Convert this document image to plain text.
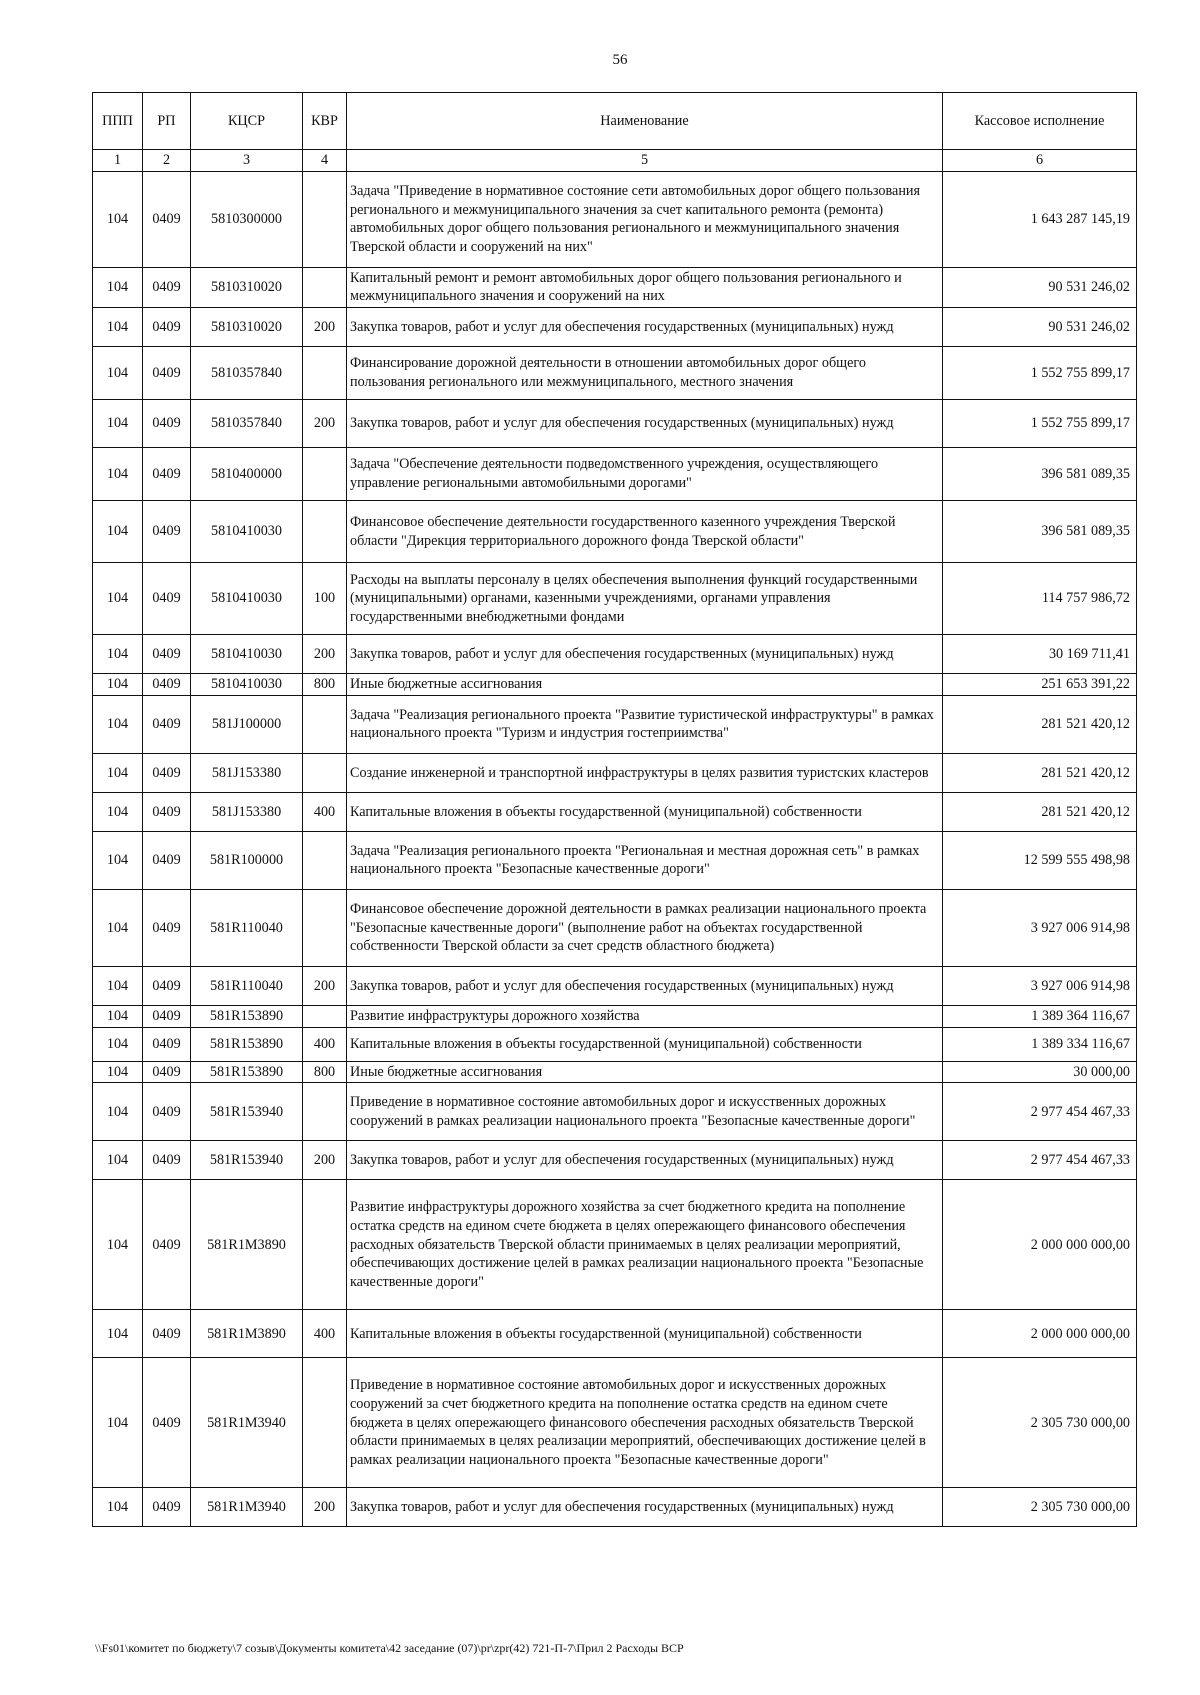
56
ППП	РП	КЦСР	КВР	Наименование	Кассовое исполнение
1	2	3	4	5	6
104	0409	5810300000		Задача "Приведение в нормативное состояние сети автомобильных дорог общего пользования регионального и межмуниципального значения за счет капитального ремонта (ремонта) автомобильных дорог общего пользования регионального и межмуниципального значения Тверской области и сооружений на них"	1 643 287 145,19
104	0409	5810310020		Капитальный ремонт и ремонт автомобильных дорог общего пользования регионального и межмуниципального значения и сооружений на них	90 531 246,02
104	0409	5810310020	200	Закупка товаров, работ и услуг для обеспечения государственных (муниципальных) нужд	90 531 246,02
104	0409	5810357840		Финансирование дорожной деятельности в отношении автомобильных дорог общего пользования регионального или межмуниципального, местного значения	1 552 755 899,17
104	0409	5810357840	200	Закупка товаров, работ и услуг для обеспечения государственных (муниципальных) нужд	1 552 755 899,17
104	0409	5810400000		Задача "Обеспечение деятельности подведомственного учреждения, осуществляющего управление региональными автомобильными дорогами"	396 581 089,35
104	0409	5810410030		Финансовое обеспечение деятельности государственного казенного учреждения Тверской области "Дирекция территориального дорожного фонда Тверской области"	396 581 089,35
104	0409	5810410030	100	Расходы на выплаты персоналу в целях обеспечения выполнения функций государственными (муниципальными) органами, казенными учреждениями, органами управления государственными внебюджетными фондами	114 757 986,72
104	0409	5810410030	200	Закупка товаров, работ и услуг для обеспечения государственных (муниципальных) нужд	30 169 711,41
104	0409	5810410030	800	Иные бюджетные ассигнования	251 653 391,22
104	0409	581J100000		Задача "Реализация регионального проекта "Развитие туристической инфраструктуры" в рамках национального проекта "Туризм и индустрия гостеприимства"	281 521 420,12
104	0409	581J153380		Создание инженерной и транспортной инфраструктуры в целях развития туристских кластеров	281 521 420,12
104	0409	581J153380	400	Капитальные вложения в объекты государственной (муниципальной) собственности	281 521 420,12
104	0409	581R100000		Задача "Реализация регионального проекта "Региональная и местная дорожная сеть" в рамках национального проекта "Безопасные качественные дороги"	12 599 555 498,98
104	0409	581R110040		Финансовое обеспечение дорожной деятельности в рамках реализации национального проекта "Безопасные качественные дороги" (выполнение работ на объектах государственной собственности Тверской области за счет средств областного бюджета)	3 927 006 914,98
104	0409	581R110040	200	Закупка товаров, работ и услуг для обеспечения государственных (муниципальных) нужд	3 927 006 914,98
104	0409	581R153890		Развитие инфраструктуры дорожного хозяйства	1 389 364 116,67
104	0409	581R153890	400	Капитальные вложения в объекты государственной (муниципальной) собственности	1 389 334 116,67
104	0409	581R153890	800	Иные бюджетные ассигнования	30 000,00
104	0409	581R153940		Приведение в нормативное состояние автомобильных дорог и искусственных дорожных сооружений в рамках реализации национального проекта "Безопасные качественные дороги"	2 977 454 467,33
104	0409	581R153940	200	Закупка товаров, работ и услуг для обеспечения государственных (муниципальных) нужд	2 977 454 467,33
104	0409	581R1M3890		Развитие инфраструктуры дорожного хозяйства за счет бюджетного кредита на пополнение остатка средств на едином счете бюджета в целях опережающего финансового обеспечения расходных обязательств Тверской области принимаемых в целях реализации мероприятий, обеспечивающих достижение целей в рамках реализации национального проекта "Безопасные качественные дороги"	2 000 000 000,00
104	0409	581R1M3890	400	Капитальные вложения в объекты государственной (муниципальной) собственности	2 000 000 000,00
104	0409	581R1M3940		Приведение в нормативное состояние автомобильных дорог и искусственных дорожных сооружений за счет бюджетного кредита на пополнение остатка средств на едином счете бюджета в целях опережающего финансового обеспечения расходных обязательств Тверской области принимаемых в целях реализации мероприятий, обеспечивающих достижение целей в рамках реализации национального проекта "Безопасные качественные дороги"	2 305 730 000,00
104	0409	581R1M3940	200	Закупка товаров, работ и услуг для обеспечения государственных (муниципальных) нужд	2 305 730 000,00
\\Fs01\комитет по бюджету\7 созыв\Документы комитета\42 заседание (07)\pr\zpr(42) 721-П-7\Прил 2 Расходы ВСР
